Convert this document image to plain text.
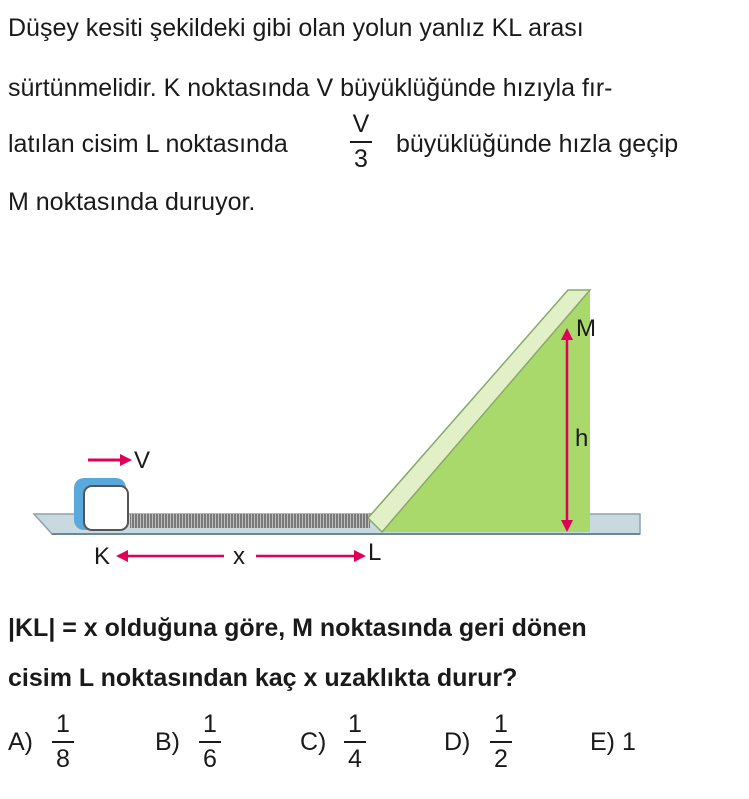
Düşey kesiti şekildeki gibi olan yolun yanlız KL arası
sürtünmelidir. K noktasında V büyüklüğünde hızıyla fır-
latılan cisim L noktasında
V
3
büyüklüğünde hızla geçip
M noktasında duruyor.
V
K	x	L
M
h
|KL| = x olduğuna göre, M noktasında geri dönen
cisim L noktasından kaç x uzaklıkta durur?
A)
1
8
B)
1
6
C)
1
4
D)
1
2
E) 1
